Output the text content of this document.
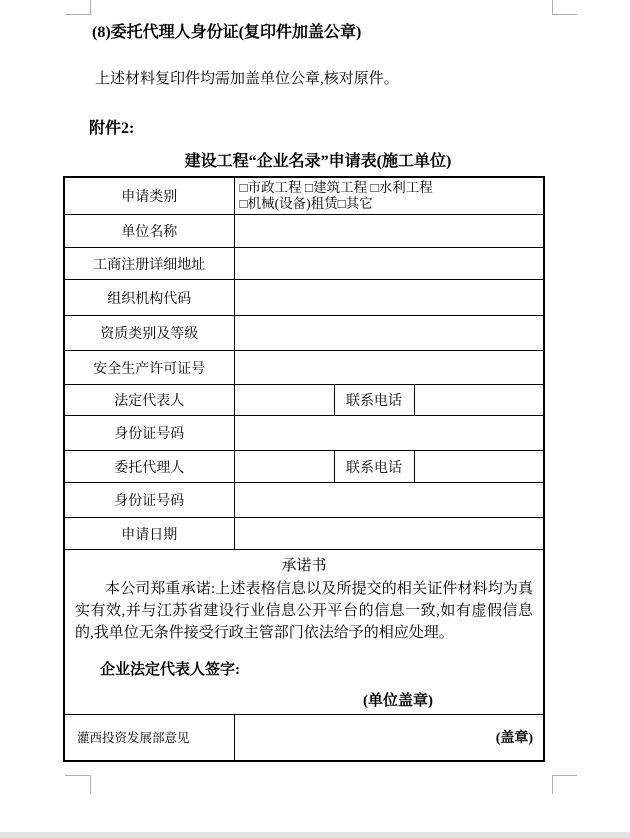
(8)委托代理人身份证(复印件加盖公章)
上述材料复印件均需加盖单位公章,核对原件。
附件2:
建设工程“企业名录”申请表(施工单位)
申请类别	□市政工程 □建筑工程 □水利工程
□机械(设备)租赁□其它		

单位名称			
工商注册详细地址			
组织机构代码			
资质类别及等级			
安全生产许可证号			
法定代表人		联系电话	
身份证号码			
委托代理人		联系电话	
身份证号码			
申请日期			

承诺书

本公司郑重承诺:上述表格信息以及所提交的相关证件材料均为真实有效,并与江苏省建设行业信息公开平台的信息一致,如有虚假信息的,我单位无条件接受行政主管部门依法给予的相应处理。

企业法定代表人签字:
(单位盖章)			

灌西投资发展部意见	(盖章)		
